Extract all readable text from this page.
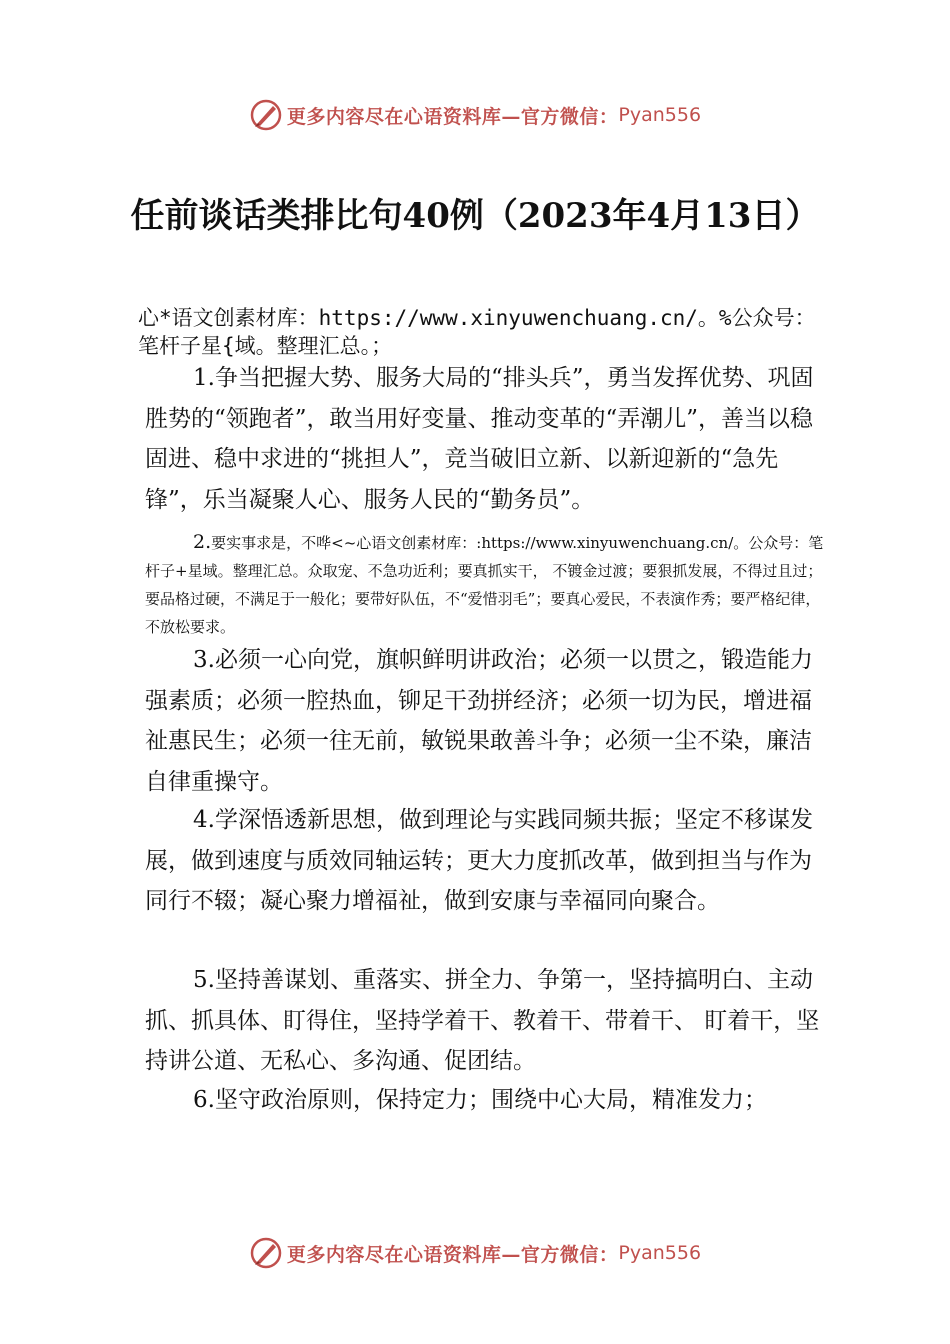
更多内容尽在心语资料库—官方微信： Pyan556
任前谈话类排比句40例（2023年4月13日）
心*语文创素材库：https://www.xinyuwenchuang.cn/。%公众号：笔杆子星{域。整理汇总。；

1.争当把握大势、服务大局的“排头兵”，勇当发挥优势、巩固胜势的“领跑者”，敢当用好变量、推动变革的“弄潮儿”，善当以稳固进、稳中求进的“挑担人”，竞当破旧立新、以新迎新的“急先锋”，乐当凝聚人心、服务人民的“勤务员”。

2.要实事求是，不哗<~心语文创素材库：:https://www.xinyuwenchuang.cn/。公众号：笔杆子+星域。整理汇总。众取宠、不急功近利；要真抓实干， 不镀金过渡；要狠抓发展，不得过且过；要品格过硬，不满足于一般化；要带好队伍，不“爱惜羽毛”；要真心爱民，不表演作秀；要严格纪律，不放松要求。

3.必须一心向党，旗帜鲜明讲政治；必须一以贯之，锻造能力强素质；必须一腔热血，铆足干劲拼经济；必须一切为民，增进福祉惠民生；必须一往无前，敏锐果敢善斗争；必须一尘不染，廉洁自律重操守。

4.学深悟透新思想，做到理论与实践同频共振；坚定不移谋发展，做到速度与质效同轴运转；更大力度抓改革，做到担当与作为同行不辍；凝心聚力增福祉，做到安康与幸福同向聚合。

5.坚持善谋划、重落实、拼全力、争第一，坚持搞明白、主动抓、抓具体、盯得住，坚持学着干、教着干、带着干、 盯着干，坚持讲公道、无私心、多沟通、促团结。

6.坚守政治原则，保持定力；围绕中心大局，精准发力；

更多内容尽在心语资料库—官方微信： Pyan556
